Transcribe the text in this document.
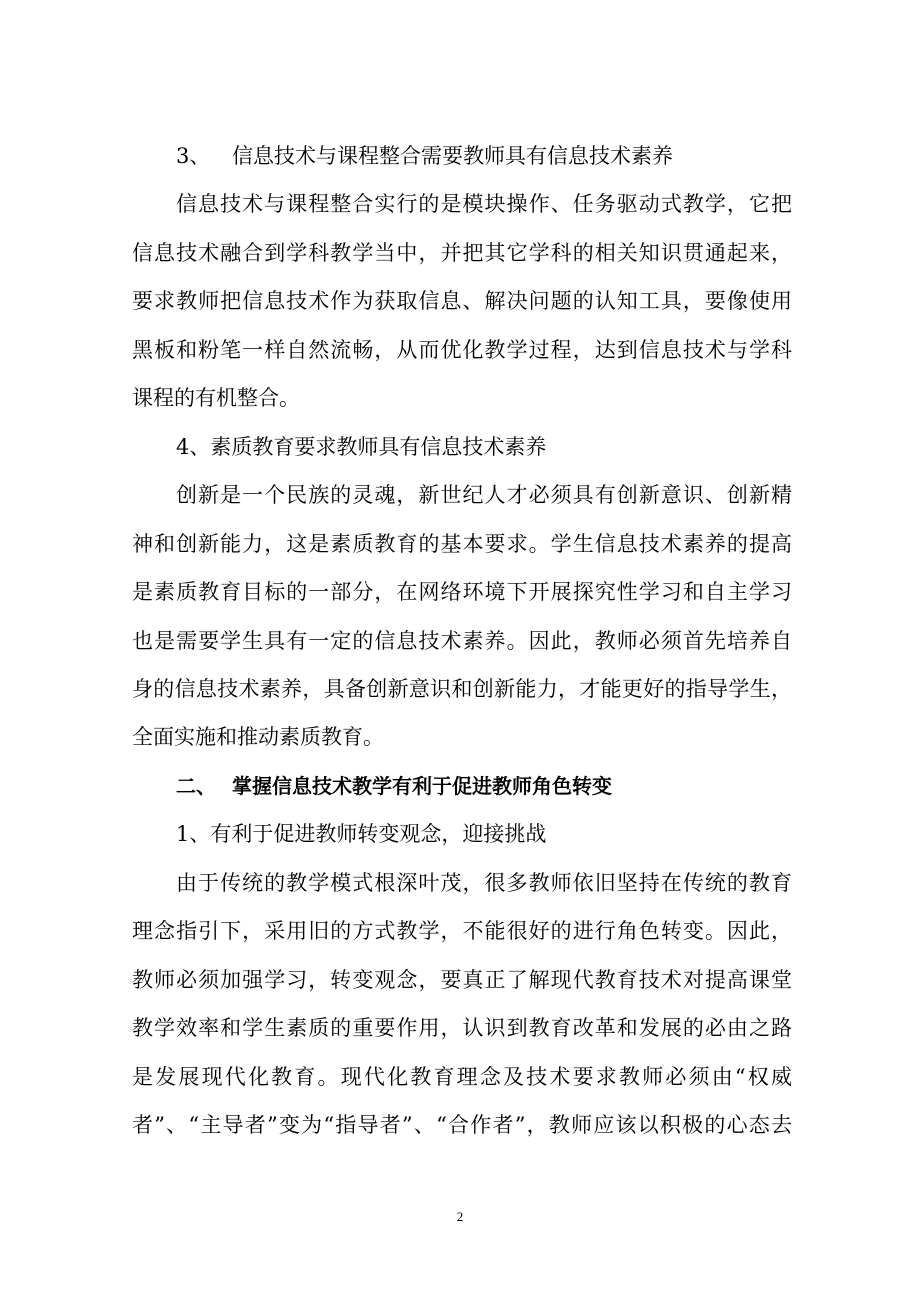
3、 信息技术与课程整合需要教师具有信息技术素养
信息技术与课程整合实行的是模块操作、任务驱动式教学，它把
信息技术融合到学科教学当中，并把其它学科的相关知识贯通起来，
要求教师把信息技术作为获取信息、解决问题的认知工具，要像使用
黑板和粉笔一样自然流畅，从而优化教学过程，达到信息技术与学科
课程的有机整合。
4、素质教育要求教师具有信息技术素养
创新是一个民族的灵魂，新世纪人才必须具有创新意识、创新精
神和创新能力，这是素质教育的基本要求。学生信息技术素养的提高
是素质教育目标的一部分，在网络环境下开展探究性学习和自主学习
也是需要学生具有一定的信息技术素养。因此，教师必须首先培养自
身的信息技术素养，具备创新意识和创新能力，才能更好的指导学生，
全面实施和推动素质教育。
二、 掌握信息技术教学有利于促进教师角色转变
1、有利于促进教师转变观念，迎接挑战
由于传统的教学模式根深叶茂，很多教师依旧坚持在传统的教育
理念指引下，采用旧的方式教学，不能很好的进行角色转变。因此，
教师必须加强学习，转变观念，要真正了解现代教育技术对提高课堂
教学效率和学生素质的重要作用，认识到教育改革和发展的必由之路
是发展现代化教育。现代化教育理念及技术要求教师必须由“权威
者”、“主导者”变为“指导者”、“合作者”，教师应该以积极的心态去
2
